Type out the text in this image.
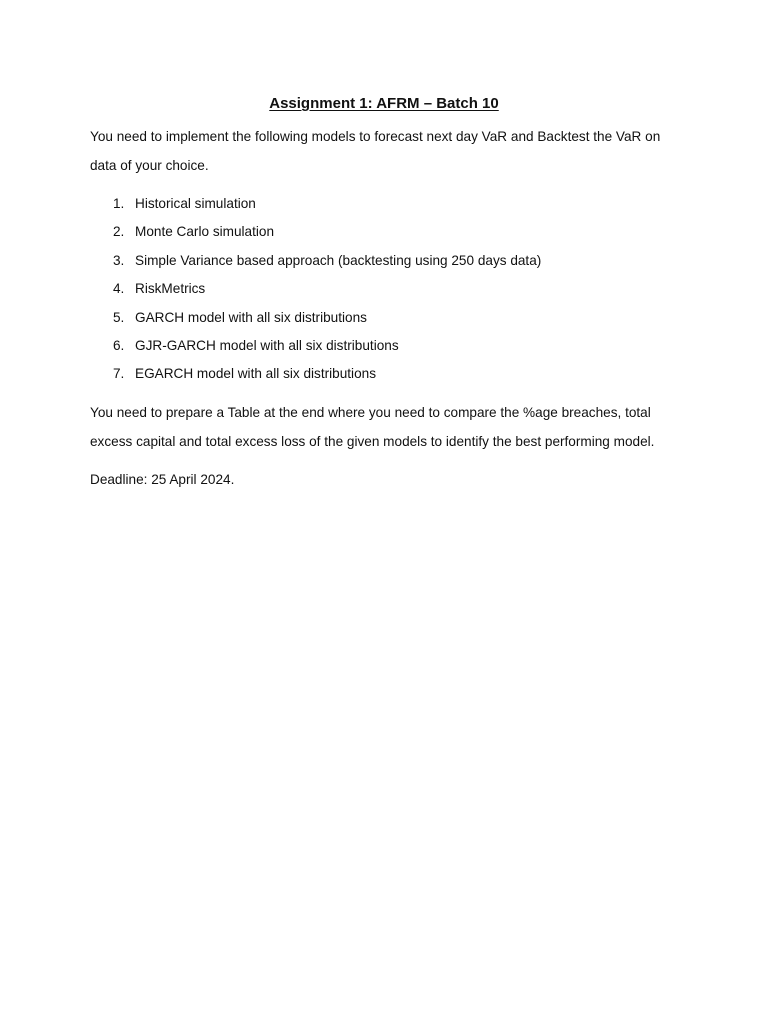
Assignment 1: AFRM – Batch 10

You need to implement the following models to forecast next day VaR and Backtest the VaR on data of your choice.

1. Historical simulation
2. Monte Carlo simulation
3. Simple Variance based approach (backtesting using 250 days data)
4. RiskMetrics
5. GARCH model with all six distributions
6. GJR-GARCH model with all six distributions
7. EGARCH model with all six distributions

You need to prepare a Table at the end where you need to compare the %age breaches, total excess capital and total excess loss of the given models to identify the best performing model.

Deadline: 25 April 2024.
